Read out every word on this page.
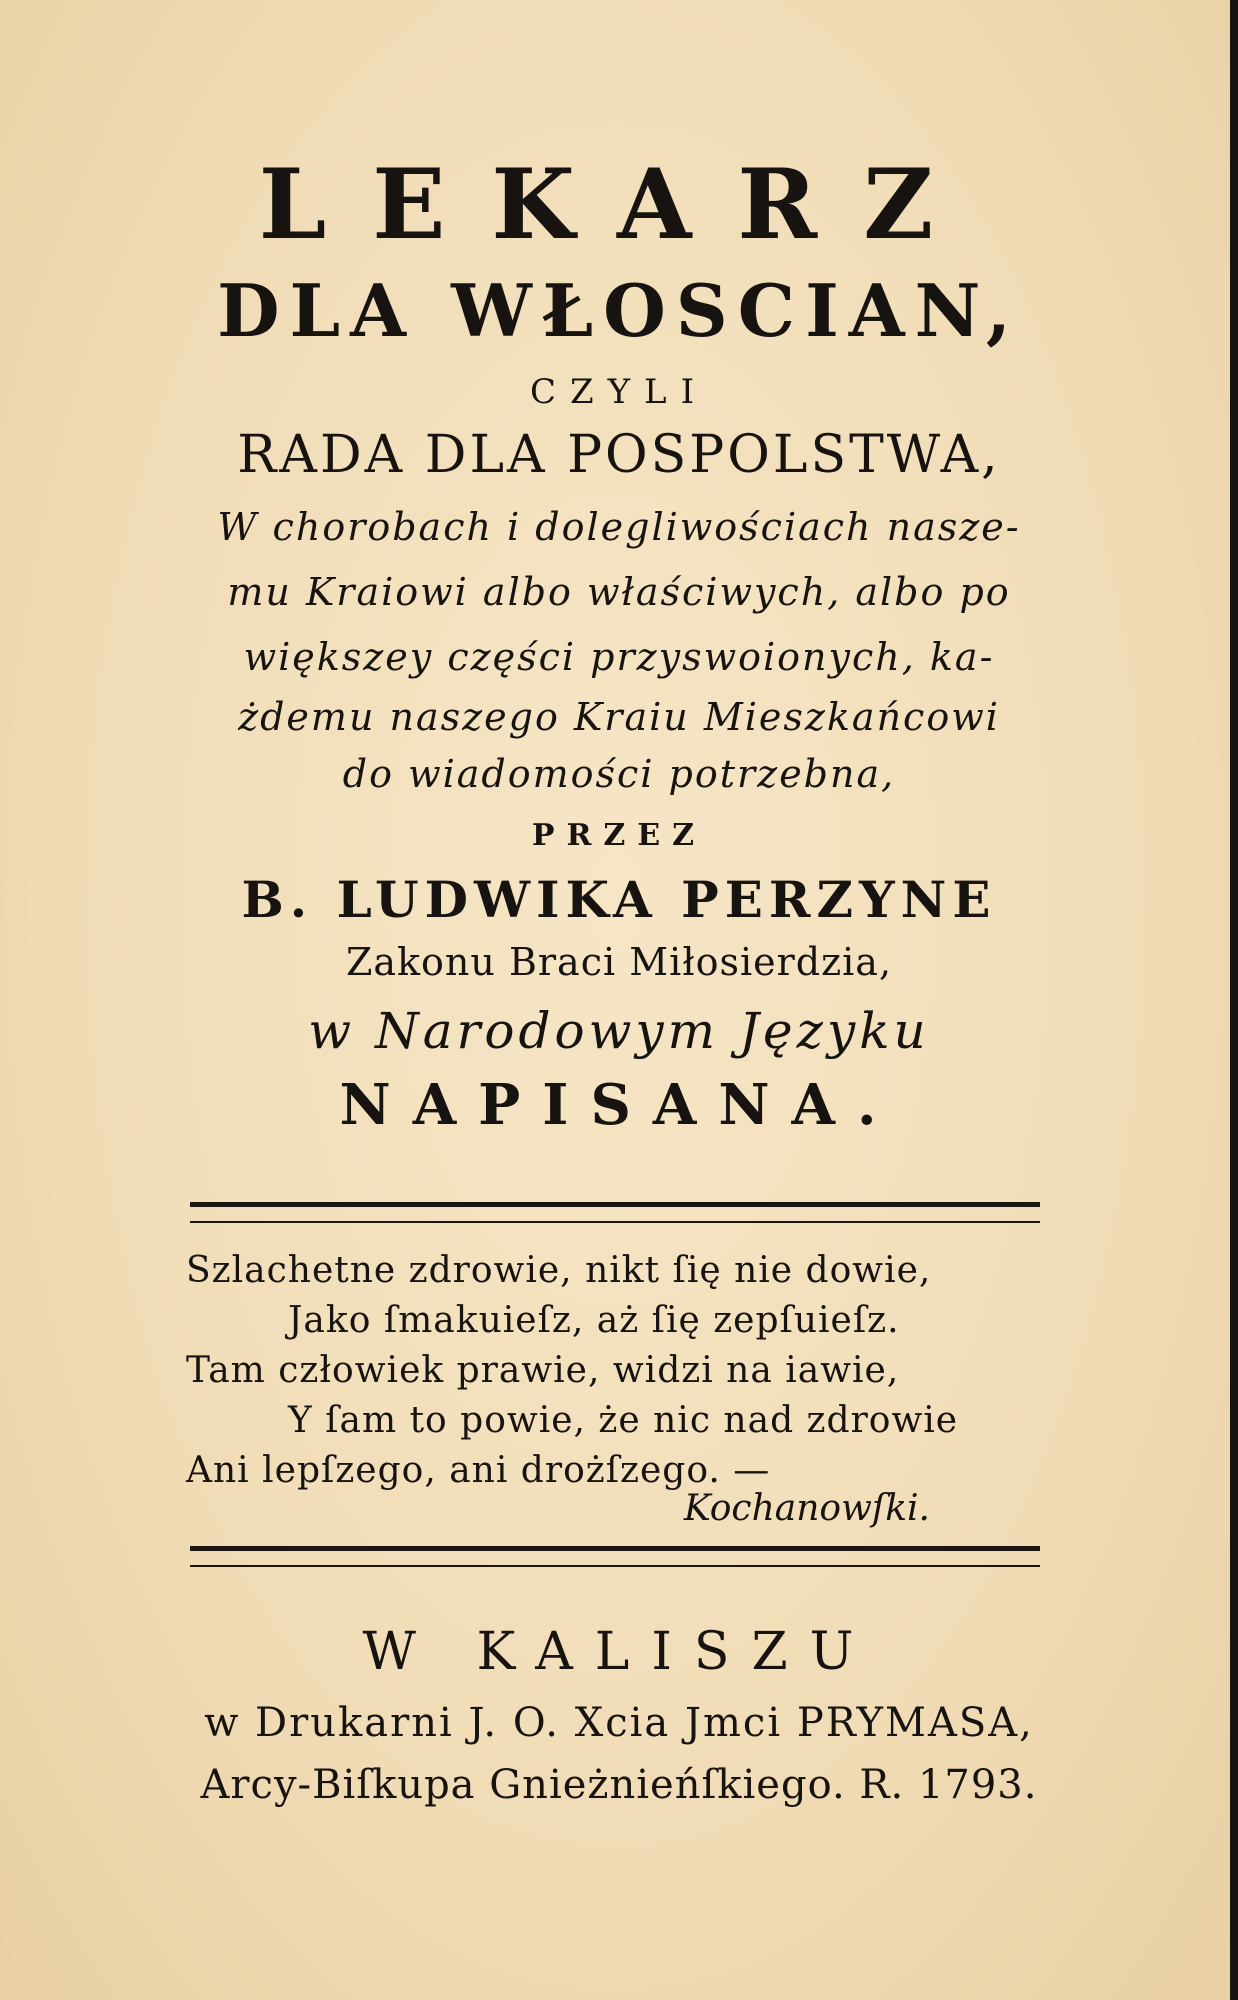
LEKARZ
DLA WŁOSCIAN,
CZYLI
RADA DLA POSPOLSTWA,
W chorobach i dolegliwościach nasze-
mu Kraiowi albo właściwych, albo po
większey części przyswoionych, ka-
żdemu naszego Kraiu Mieszkańcowi
do wiadomości potrzebna,
PRZEZ
B. LUDWIKA PERZYNE
Zakonu Braci Miłosierdzia,
w Narodowym Języku
NAPISANA.
Szlachetne zdrowie, nikt ſię nie dowie,
Jako ſmakuieſz, aż ſię zepſuieſz.
Tam człowiek prawie, widzi na iawie,
Y ſam to powie, że nic nad zdrowie
Ani lepſzego, ani drożſzego. —
Kochanowſki.
W KALISZU
w Drukarni J. O. Xcia Jmci PRYMASA,
Arcy-Biſkupa Gnieżnieńſkiego. R. 1793.
